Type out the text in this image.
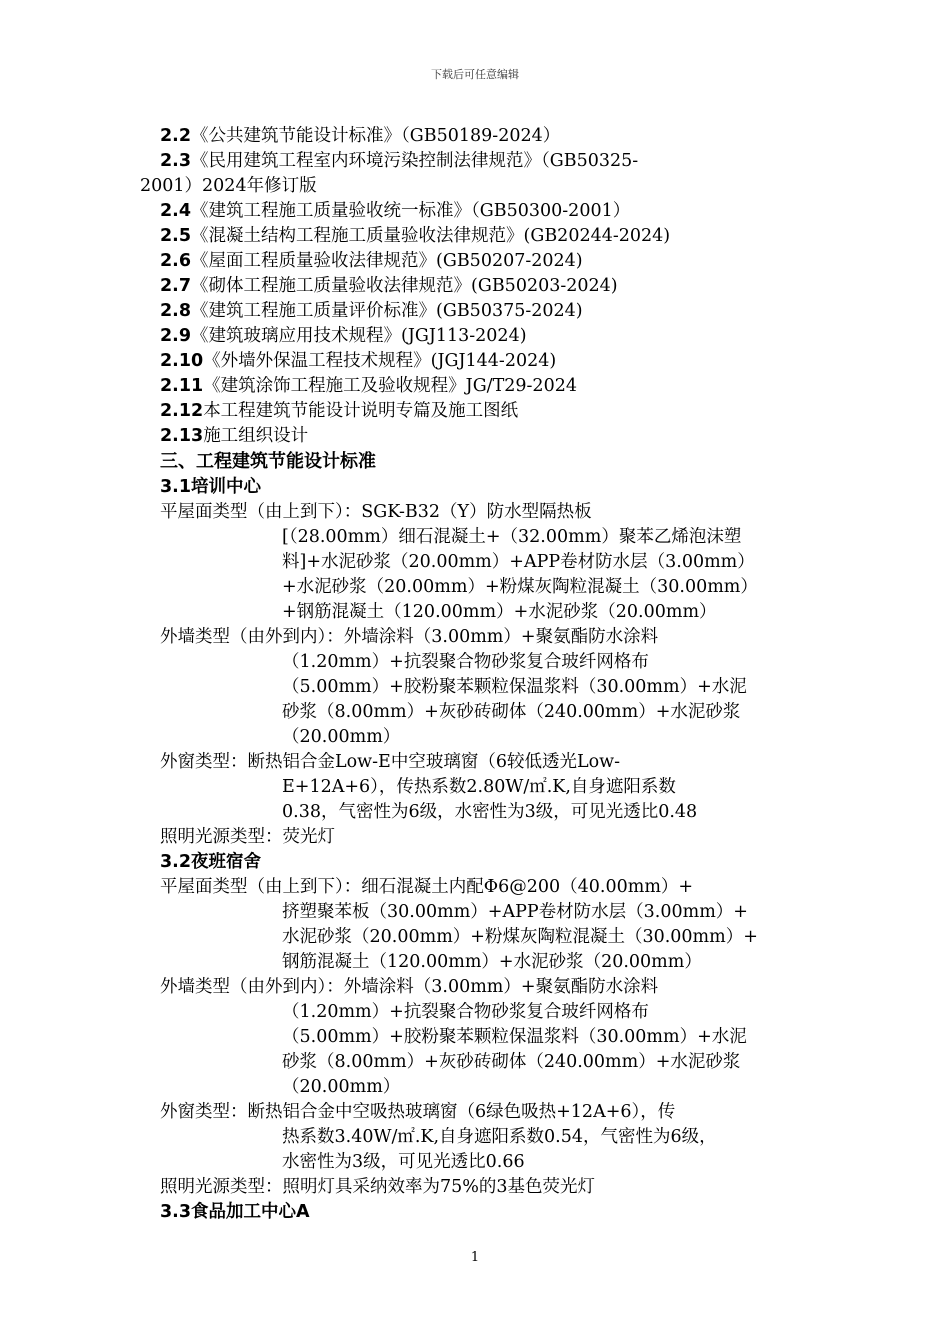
下载后可任意编辑
2.2《公共建筑节能设计标准》（GB50189-2024）
2.3《民用建筑工程室内环境污染控制法律规范》（GB50325-
2001）2024年修订版
2.4《建筑工程施工质量验收统一标准》（GB50300-2001）
2.5《混凝土结构工程施工质量验收法律规范》(GB20244-2024)
2.6《屋面工程质量验收法律规范》(GB50207-2024)
2.7《砌体工程施工质量验收法律规范》(GB50203-2024)
2.8《建筑工程施工质量评价标准》(GB50375-2024)
2.9《建筑玻璃应用技术规程》(JGJ113-2024)
2.10《外墙外保温工程技术规程》(JGJ144-2024)
2.11《建筑涂饰工程施工及验收规程》JG/T29-2024
2.12本工程建筑节能设计说明专篇及施工图纸
2.13施工组织设计
三、工程建筑节能设计标准
3.1培训中心
平屋面类型（由上到下）：SGK-B32（Y）防水型隔热板
[（28.00mm）细石混凝土+（32.00mm）聚苯乙烯泡沫塑
料]+水泥砂浆（20.00mm）+APP卷材防水层（3.00mm）
+水泥砂浆（20.00mm）+粉煤灰陶粒混凝土（30.00mm）
+钢筋混凝土（120.00mm）+水泥砂浆（20.00mm）
外墙类型（由外到内）：外墙涂料（3.00mm）+聚氨酯防水涂料
（1.20mm）+抗裂聚合物砂浆复合玻纤网格布
（5.00mm）+胶粉聚苯颗粒保温浆料（30.00mm）+水泥
砂浆（8.00mm）+灰砂砖砌体（240.00mm）+水泥砂浆
（20.00mm）
外窗类型：断热铝合金Low-E中空玻璃窗（6较低透光Low-
E+12A+6），传热系数2.80W/㎡.K,自身遮阳系数
0.38，气密性为6级，水密性为3级，可见光透比0.48
照明光源类型：荧光灯
3.2夜班宿舍
平屋面类型（由上到下）：细石混凝土内配Φ6@200（40.00mm）+
挤塑聚苯板（30.00mm）+APP卷材防水层（3.00mm）+
水泥砂浆（20.00mm）+粉煤灰陶粒混凝土（30.00mm）+
钢筋混凝土（120.00mm）+水泥砂浆（20.00mm）
外墙类型（由外到内）：外墙涂料（3.00mm）+聚氨酯防水涂料
（1.20mm）+抗裂聚合物砂浆复合玻纤网格布
（5.00mm）+胶粉聚苯颗粒保温浆料（30.00mm）+水泥
砂浆（8.00mm）+灰砂砖砌体（240.00mm）+水泥砂浆
（20.00mm）
外窗类型：断热铝合金中空吸热玻璃窗（6绿色吸热+12A+6），传
热系数3.40W/㎡.K,自身遮阳系数0.54，气密性为6级，
水密性为3级，可见光透比0.66
照明光源类型：照明灯具采纳效率为75%的3基色荧光灯
3.3食品加工中心A
1
